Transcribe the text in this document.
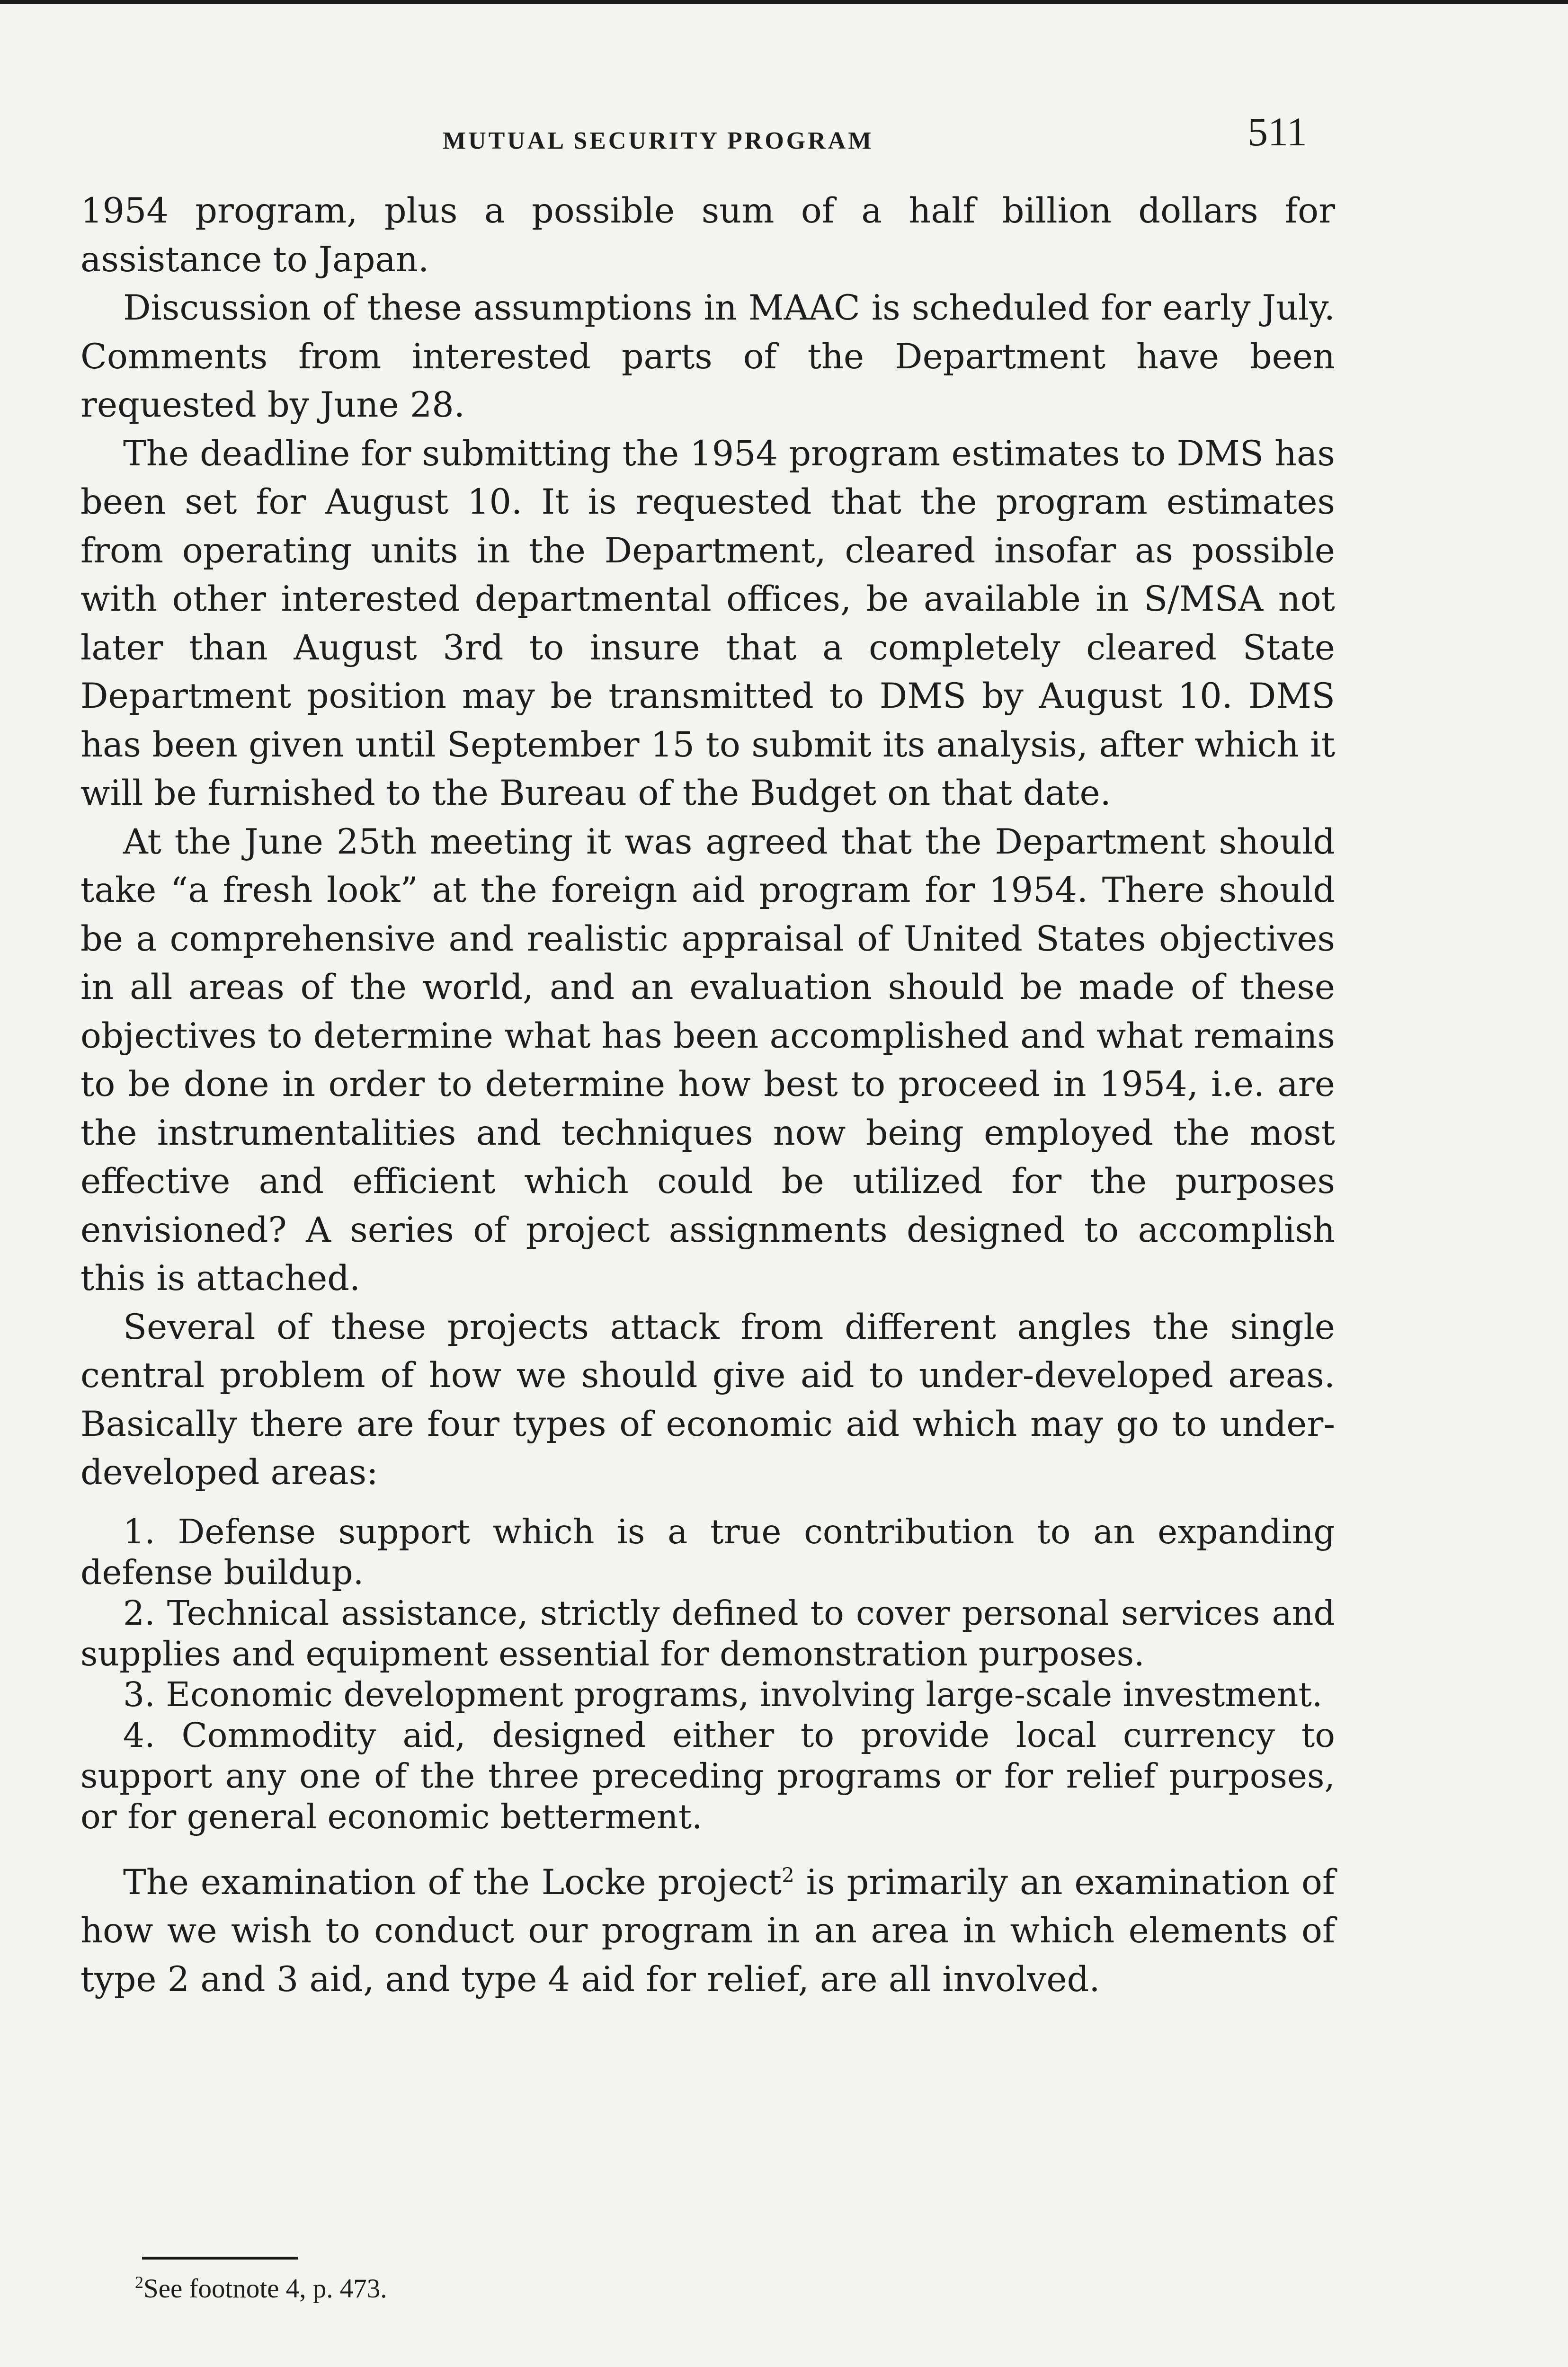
MUTUAL SECURITY PROGRAM	511

1954 program, plus a possible sum of a half billion dollars for assistance to Japan.

Discussion of these assumptions in MAAC is scheduled for early July. Comments from interested parts of the Department have been requested by June 28.

The deadline for submitting the 1954 program estimates to DMS has been set for August 10. It is requested that the program estimates from operating units in the Department, cleared insofar as possible with other interested departmental offices, be available in S/MSA not later than August 3rd to insure that a completely cleared State Department position may be transmitted to DMS by August 10. DMS has been given until September 15 to submit its analysis, after which it will be furnished to the Bureau of the Budget on that date.

At the June 25th meeting it was agreed that the Department should take “a fresh look” at the foreign aid program for 1954. There should be a comprehensive and realistic appraisal of United States objectives in all areas of the world, and an evaluation should be made of these objectives to determine what has been accomplished and what remains to be done in order to determine how best to proceed in 1954, i.e. are the instrumentalities and techniques now being employed the most effective and efficient which could be utilized for the purposes envisioned? A series of project assignments designed to accomplish this is attached.

Several of these projects attack from different angles the single central problem of how we should give aid to under-developed areas. Basically there are four types of economic aid which may go to under-developed areas:

1. Defense support which is a true contribution to an expanding defense buildup.

2. Technical assistance, strictly defined to cover personal services and supplies and equipment essential for demonstration purposes.

3. Economic development programs, involving large-scale investment.

4. Commodity aid, designed either to provide local currency to support any one of the three preceding programs or for relief purposes, or for general economic betterment.

The examination of the Locke project$^2$ is primarily an examination of how we wish to conduct our program in an area in which elements of type 2 and 3 aid, and type 4 aid for relief, are all involved.

$^2$See footnote 4, p. 473.
